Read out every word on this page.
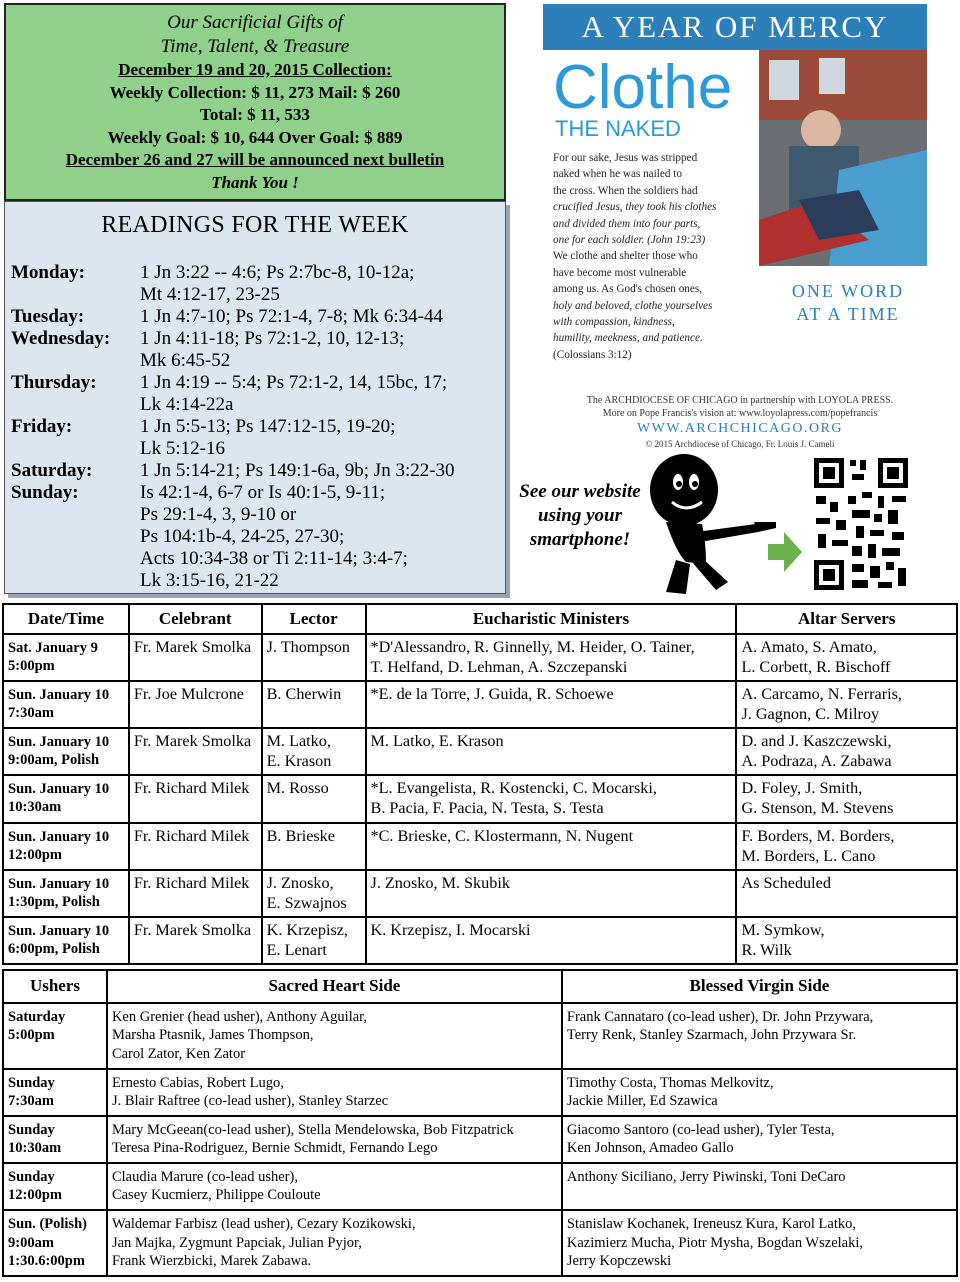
Our Sacrificial Gifts of
Time, Talent, & Treasure
December 19 and 20, 2015 Collection:
Weekly Collection: $ 11, 273 Mail: $ 260
Total: $ 11, 533
Weekly Goal: $ 10, 644 Over Goal: $ 889
December 26 and 27 will be announced next bulletin
Thank You !
READINGS FOR THE WEEK
Monday:	1 Jn 3:22 -- 4:6; Ps 2:7bc-8, 10-12a;
Mt 4:12-17, 23-25
Tuesday:	1 Jn 4:7-10; Ps 72:1-4, 7-8; Mk 6:34-44
Wednesday: 1 Jn 4:11-18; Ps 72:1-2, 10, 12-13;
Mk 6:45-52
Thursday: 1 Jn 4:19 -- 5:4; Ps 72:1-2, 14, 15bc, 17;
Lk 4:14-22a
Friday:	1 Jn 5:5-13; Ps 147:12-15, 19-20;
Lk 5:12-16
Saturday:	1 Jn 5:14-21; Ps 149:1-6a, 9b; Jn 3:22-30
Sunday:	Is 42:1-4, 6-7 or Is 40:1-5, 9-11;
Ps 29:1-4, 3, 9-10 or
Ps 104:1b-4, 24-25, 27-30;
Acts 10:34-38 or Ti 2:11-14; 3:4-7;
Lk 3:15-16, 21-22
A YEAR OF MERCY
Clothe
THE NAKED
For our sake, Jesus was stripped
naked when he was nailed to
the cross. When the soldiers had
crucified Jesus, they took his clothes
and divided them into four parts,
one for each soldier. (John 19:23)
We clothe and shelter those who
have become most vulnerable
among us. As God's chosen ones,
holy and beloved, clothe yourselves
with compassion, kindness,
humility, meekness, and patience.
(Colossians 3:12)
ONE WORD
AT A TIME
The ARCHDIOCESE OF CHICAGO in partnership with LOYOLA PRESS.
More on Pope Francis's vision at: www.loyolapress.com/popefrancis
WWW.ARCHCHICAGO.ORG
© 2015 Archdiocese of Chicago, Fr. Louis J. Cameli
See our website using your smartphone!
Date/Time	Celebrant	Lector	Eucharistic Ministers	Altar Servers
Sat. January 9
5:00pm	Fr. Marek Smolka	J. Thompson	*D'Alessandro, R. Ginnelly, M. Heider, O. Tainer,
T. Helfand, D. Lehman, A. Szczepanski	A. Amato, S. Amato,
L. Corbett, R. Bischoff
Sun. January 10
7:30am	Fr. Joe Mulcrone	B. Cherwin	*E. de la Torre, J. Guida, R. Schoewe	A. Carcamo, N. Ferraris,
J. Gagnon, C. Milroy
Sun. January 10
9:00am, Polish	Fr. Marek Smolka	M. Latko,
E. Krason	M. Latko, E. Krason	D. and J. Kaszczewski,
A. Podraza, A. Zabawa
Sun. January 10
10:30am	Fr. Richard Milek	M. Rosso	*L. Evangelista, R. Kostencki, C. Mocarski,
B. Pacia, F. Pacia, N. Testa, S. Testa	D. Foley, J. Smith,
G. Stenson, M. Stevens
Sun. January 10
12:00pm	Fr. Richard Milek	B. Brieske	*C. Brieske, C. Klostermann, N. Nugent	F. Borders, M. Borders,
M. Borders, L. Cano
Sun. January 10
1:30pm, Polish	Fr. Richard Milek	J. Znosko,
E. Szwajnos	J. Znosko, M. Skubik	As Scheduled
Sun. January 10
6:00pm, Polish	Fr. Marek Smolka	K. Krzepisz,
E. Lenart	K. Krzepisz, I. Mocarski	M. Symkow,
R. Wilk
Ushers	Sacred Heart Side	Blessed Virgin Side
Saturday
5:00pm	Ken Grenier (head usher), Anthony Aguilar,
Marsha Ptasnik, James Thompson,
Carol Zator, Ken Zator	Frank Cannataro (co-lead usher), Dr. John Przywara,
Terry Renk, Stanley Szarmach, John Przywara Sr.
Sunday
7:30am	Ernesto Cabias, Robert Lugo,
J. Blair Raftree (co-lead usher), Stanley Starzec	Timothy Costa, Thomas Melkovitz,
Jackie Miller, Ed Szawica
Sunday
10:30am	Mary McGeean(co-lead usher), Stella Mendelowska, Bob Fitzpatrick
Teresa Pina-Rodriguez, Bernie Schmidt, Fernando Lego	Giacomo Santoro (co-lead usher), Tyler Testa,
Ken Johnson, Amadeo Gallo
Sunday
12:00pm	Claudia Marure (co-lead usher),
Casey Kucmierz, Philippe Couloute	Anthony Siciliano, Jerry Piwinski, Toni DeCaro
Sun. (Polish)
9:00am
1:30.6:00pm	Waldemar Farbisz (lead usher), Cezary Kozikowski,
Jan Majka, Zygmunt Papciak, Julian Pyjor,
Frank Wierzbicki, Marek Zabawa.	Stanislaw Kochanek, Ireneusz Kura, Karol Latko,
Kazimierz Mucha, Piotr Mysha, Bogdan Wszelaki,
Jerry Kopczewski
